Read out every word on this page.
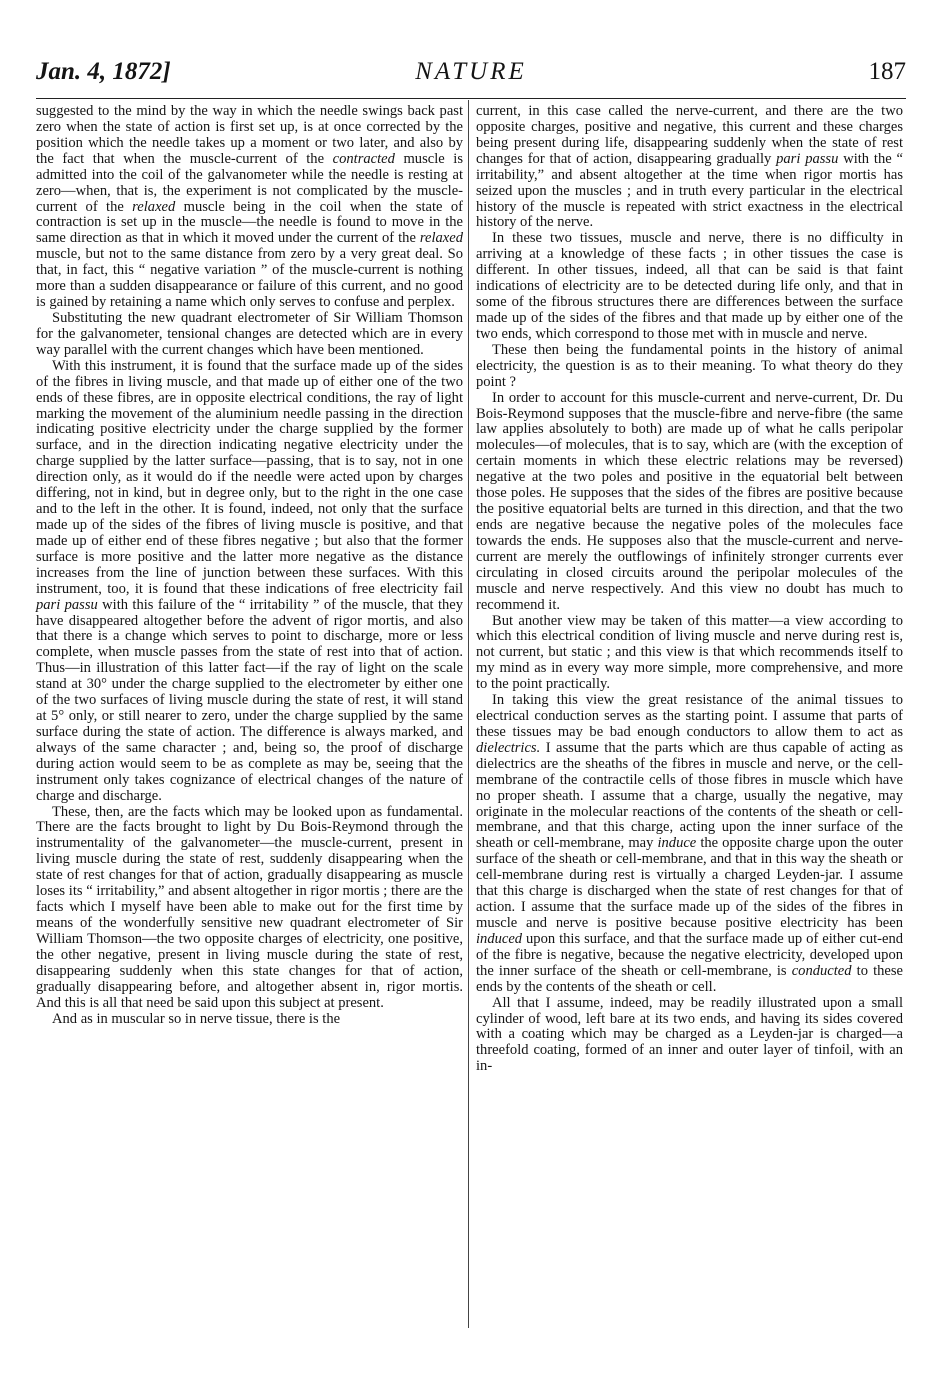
Jan. 4, 1872]	NATURE	187

suggested to the mind by the way in which the needle swings back past zero when the state of action is first set up, is at once corrected by the position which the needle takes up a moment or two later, and also by the fact that when the muscle-current of the contracted muscle is admitted into the coil of the galvanometer while the needle is resting at zero—when, that is, the experiment is not complicated by the muscle-current of the relaxed muscle being in the coil when the state of contraction is set up in the muscle—the needle is found to move in the same direction as that in which it moved under the current of the relaxed muscle, but not to the same distance from zero by a very great deal. So that, in fact, this “ negative variation ” of the muscle-current is nothing more than a sudden disappearance or failure of this current, and no good is gained by retaining a name which only serves to confuse and perplex.

Substituting the new quadrant electrometer of Sir William Thomson for the galvanometer, tensional changes are detected which are in every way parallel with the current changes which have been mentioned.

With this instrument, it is found that the surface made up of the sides of the fibres in living muscle, and that made up of either one of the two ends of these fibres, are in opposite electrical conditions, the ray of light marking the movement of the aluminium needle passing in the direction indicating positive electricity under the charge supplied by the former surface, and in the direction indicating negative electricity under the charge supplied by the latter surface—passing, that is to say, not in one direction only, as it would do if the needle were acted upon by charges differing, not in kind, but in degree only, but to the right in the one case and to the left in the other. It is found, indeed, not only that the surface made up of the sides of the fibres of living muscle is positive, and that made up of either end of these fibres negative ; but also that the former surface is more positive and the latter more negative as the distance increases from the line of junction between these surfaces. With this instrument, too, it is found that these indications of free electricity fail pari passu with this failure of the “ irritability ” of the muscle, that they have disappeared altogether before the advent of rigor mortis, and also that there is a change which serves to point to discharge, more or less complete, when muscle passes from the state of rest into that of action. Thus—in illustration of this latter fact—if the ray of light on the scale stand at 30° under the charge supplied to the electrometer by either one of the two surfaces of living muscle during the state of rest, it will stand at 5° only, or still nearer to zero, under the charge supplied by the same surface during the state of action. The difference is always marked, and always of the same character ; and, being so, the proof of discharge during action would seem to be as complete as may be, seeing that the instrument only takes cognizance of electrical changes of the nature of charge and discharge.

These, then, are the facts which may be looked upon as fundamental. There are the facts brought to light by Du Bois-Reymond through the instrumentality of the galvanometer—the muscle-current, present in living muscle during the state of rest, suddenly disappearing when the state of rest changes for that of action, gradually disappearing as muscle loses its “ irritability,” and absent altogether in rigor mortis ; there are the facts which I myself have been able to make out for the first time by means of the wonderfully sensitive new quadrant electrometer of Sir William Thomson—the two opposite charges of electricity, one positive, the other negative, present in living muscle during the state of rest, disappearing suddenly when this state changes for that of action, gradually disappearing before, and altogether absent in, rigor mortis. And this is all that need be said upon this subject at present.

And as in muscular so in nerve tissue, there is the

current, in this case called the nerve-current, and there are the two opposite charges, positive and negative, this current and these charges being present during life, disappearing suddenly when the state of rest changes for that of action, disappearing gradually pari passu with the “ irritability,” and absent altogether at the time when rigor mortis has seized upon the muscles ; and in truth every particular in the electrical history of the muscle is repeated with strict exactness in the electrical history of the nerve.

In these two tissues, muscle and nerve, there is no difficulty in arriving at a knowledge of these facts ; in other tissues the case is different. In other tissues, indeed, all that can be said is that faint indications of electricity are to be detected during life only, and that in some of the fibrous structures there are differences between the surface made up of the sides of the fibres and that made up by either one of the two ends, which correspond to those met with in muscle and nerve.

These then being the fundamental points in the history of animal electricity, the question is as to their meaning. To what theory do they point ?

In order to account for this muscle-current and nerve-current, Dr. Du Bois-Reymond supposes that the muscle-fibre and nerve-fibre (the same law applies absolutely to both) are made up of what he calls peripolar molecules—of molecules, that is to say, which are (with the exception of certain moments in which these electric relations may be reversed) negative at the two poles and positive in the equatorial belt between those poles. He supposes that the sides of the fibres are positive because the positive equatorial belts are turned in this direction, and that the two ends are negative because the negative poles of the molecules face towards the ends. He supposes also that the muscle-current and nerve-current are merely the outflowings of infinitely stronger currents ever circulating in closed circuits around the peripolar molecules of the muscle and nerve respectively. And this view no doubt has much to recommend it.

But another view may be taken of this matter—a view according to which this electrical condition of living muscle and nerve during rest is, not current, but static ; and this view is that which recommends itself to my mind as in every way more simple, more comprehensive, and more to the point practically.

In taking this view the great resistance of the animal tissues to electrical conduction serves as the starting point. I assume that parts of these tissues may be bad enough conductors to allow them to act as dielectrics. I assume that the parts which are thus capable of acting as dielectrics are the sheaths of the fibres in muscle and nerve, or the cell-membrane of the contractile cells of those fibres in muscle which have no proper sheath. I assume that a charge, usually the negative, may originate in the molecular reactions of the contents of the sheath or cell-membrane, and that this charge, acting upon the inner surface of the sheath or cell-membrane, may induce the opposite charge upon the outer surface of the sheath or cell-membrane, and that in this way the sheath or cell-membrane during rest is virtually a charged Leyden-jar. I assume that this charge is discharged when the state of rest changes for that of action. I assume that the surface made up of the sides of the fibres in muscle and nerve is positive because positive electricity has been induced upon this surface, and that the surface made up of either cut-end of the fibre is negative, because the negative electricity, developed upon the inner surface of the sheath or cell-membrane, is conducted to these ends by the contents of the sheath or cell.

All that I assume, indeed, may be readily illustrated upon a small cylinder of wood, left bare at its two ends, and having its sides covered with a coating which may be charged as a Leyden-jar is charged—a threefold coating, formed of an inner and outer layer of tinfoil, with an in-
